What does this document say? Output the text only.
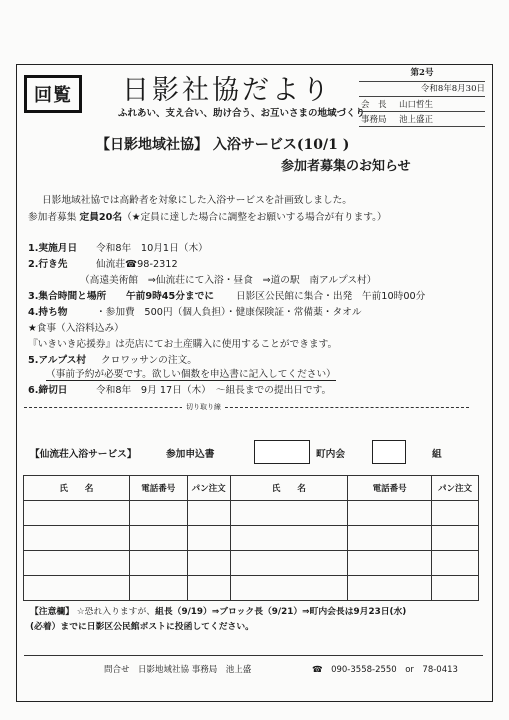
回覧	日影社協だより
ふれあい、支え合い、助け合う、お互いさまの地域づくり
第2号
令和8年8月30日
会　長 山口哲生
事務局 池上盛正
【日影地域社協】 入浴サービス(10/1 )
参加者募集のお知らせ
日影地域社協では高齢者を対象にした入浴サービスを計画致しました。
参加者募集 定員20名（★定員に達した場合に調整をお願いする場合が有ります。）
1.実施月日 令和8年　10月1日（木）
2.行き先	仙流荘☎98-2312
（高遠美術館　⇒仙流荘にて入浴・昼食　⇒道の駅　南アルプス村）
3.集合時間と場所 午前9時45分までに 日影区公民館に集合・出発　午前10時00分
4.持ち物	・参加費　500円（個人負担）・健康保険証・常備薬・タオル
★食事（入浴料込み）
『いきいき応援券』は売店にてお土産購入に使用することができます。
5.アルプス村 クロワッサンの注文。
（事前予約が必要です。欲しい個数を申込書に記入してください）
6.締切日	令和8年　9月 17日（木）　～組長までの提出日です。
切り取り線
【仙流荘入浴サービス】	参加申込書	町内会	組
氏　　名	電話番号	パン注文	氏　　名	電話番号	パン注文

【注意欄】 ☆恐れ入りますが、組長（9/19）⇒ブロック長（9/21）⇒町内会長は9月23日(水)
(必着）までに日影区公民館ポストに投函してください。
問合せ　日影地域社協 事務局　池上盛	☎　090-3558-2550　or　78-0413
